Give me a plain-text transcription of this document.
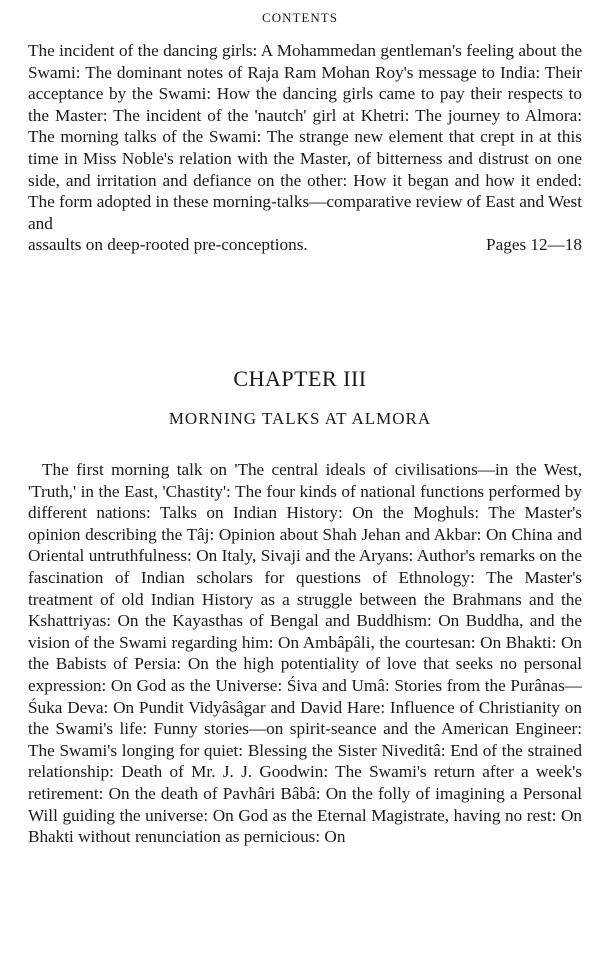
CONTENTS
The incident of the dancing girls: A Mohammedan gentleman's feeling about the Swami: The dominant notes of Raja Ram Mohan Roy's message to India: Their acceptance by the Swami: How the dancing girls came to pay their respects to the Master: The incident of the 'nautch' girl at Khetri: The journey to Almora: The morning talks of the Swami: The strange new element that crept in at this time in Miss Noble's relation with the Master, of bitterness and distrust on one side, and irritation and defiance on the other: How it began and how it ended: The form adopted in these morning-talks—comparative review of East and West and
assaults on deep-rooted pre-conceptions.	Pages 12—18
CHAPTER III
MORNING TALKS AT ALMORA
The first morning talk on 'The central ideals of civilisations—in the West, 'Truth,' in the East, 'Chastity': The four kinds of national functions performed by different nations: Talks on Indian History: On the Moghuls: The Master's opinion describing the Tâj: Opinion about Shah Jehan and Akbar: On China and Oriental untruthfulness: On Italy, Sivaji and the Aryans: Author's remarks on the fascination of Indian scholars for questions of Ethnology: The Master's treatment of old Indian History as a struggle between the Brahmans and the Kshattriyas: On the Kayasthas of Bengal and Buddhism: On Buddha, and the vision of the Swami regarding him: On Ambâpâli, the courtesan: On Bhakti: On the Babists of Persia: On the high potentiality of love that seeks no personal expression: On God as the Universe: Śiva and Umâ: Stories from the Purânas—Śuka Deva: On Pundit Vidyâsâgar and David Hare: Influence of Christianity on the Swami's life: Funny stories—on spirit-seance and the American Engineer: The Swami's longing for quiet: Blessing the Sister Niveditâ: End of the strained relationship: Death of Mr. J. J. Goodwin: The Swami's return after a week's retirement: On the death of Pavhâri Bâbâ: On the folly of imagining a Personal Will guiding the universe: On God as the Eternal Magistrate, having no rest: On Bhakti without renunciation as pernicious: On
